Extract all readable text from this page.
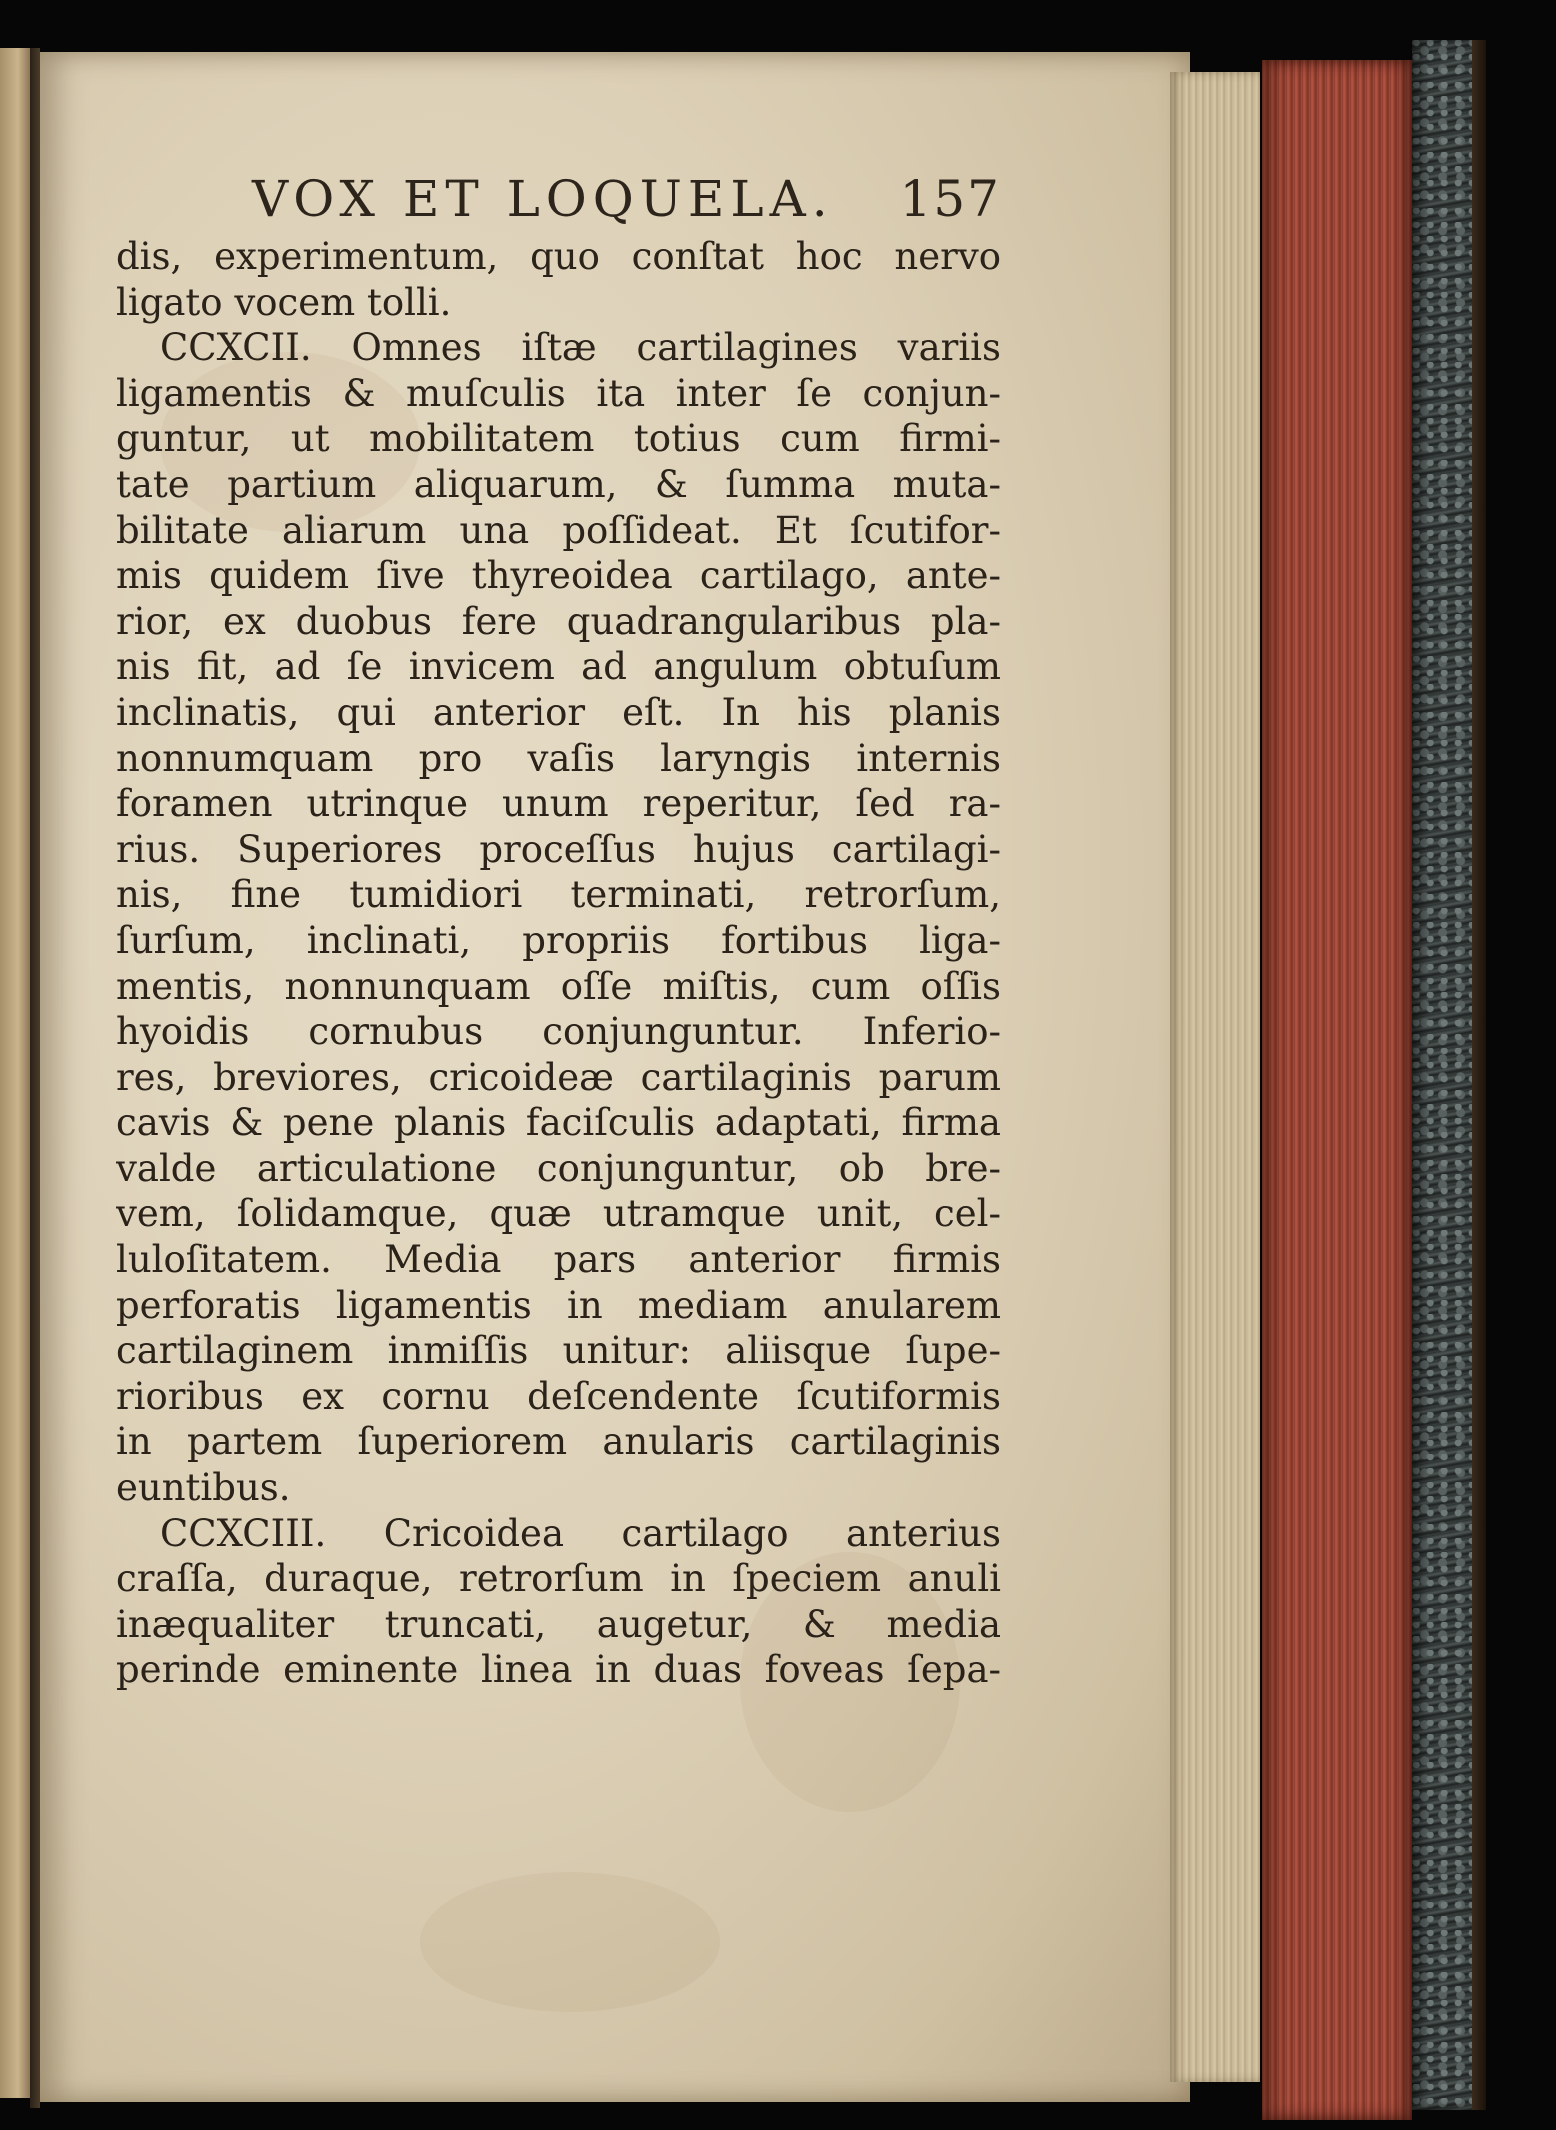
VOX ET LOQUELA. 157
dis, experimentum, quo conſtat hoc nervo
ligato vocem tolli.
CCXCII. Omnes iſtæ cartilagines variis
ligamentis & muſculis ita inter ſe conjun-
guntur, ut mobilitatem totius cum firmi-
tate partium aliquarum, & ſumma muta-
bilitate aliarum una poſſideat. Et ſcutifor-
mis quidem ſive thyreoidea cartilago, ante-
rior, ex duobus fere quadrangularibus pla-
nis fit, ad ſe invicem ad angulum obtuſum
inclinatis, qui anterior eſt. In his planis
nonnumquam pro vaſis laryngis internis
foramen utrinque unum reperitur, ſed ra-
rius. Superiores proceſſus hujus cartilagi-
nis, fine tumidiori terminati, retrorſum,
ſurſum, inclinati, propriis fortibus liga-
mentis, nonnunquam oſſe miſtis, cum oſſis
hyoidis cornubus conjunguntur. Inferio-
res, breviores, cricoideæ cartilaginis parum
cavis & pene planis faciſculis adaptati, firma
valde articulatione conjunguntur, ob bre-
vem, ſolidamque, quæ utramque unit, cel-
lulоſitatem. Media pars anterior firmis
perforatis ligamentis in mediam anularem
cartilaginem inmiſſis unitur: aliisque ſupe-
rioribus ex cornu deſcendente ſcutiformis
in partem ſuperiorem anularis cartilaginis
euntibus.
CCXCIII. Cricoidea cartilago anterius
craſſa, duraque, retrorſum in ſpeciem anuli
inæqualiter truncati, augetur, & media
perinde eminente linea in duas foveas ſepa-
